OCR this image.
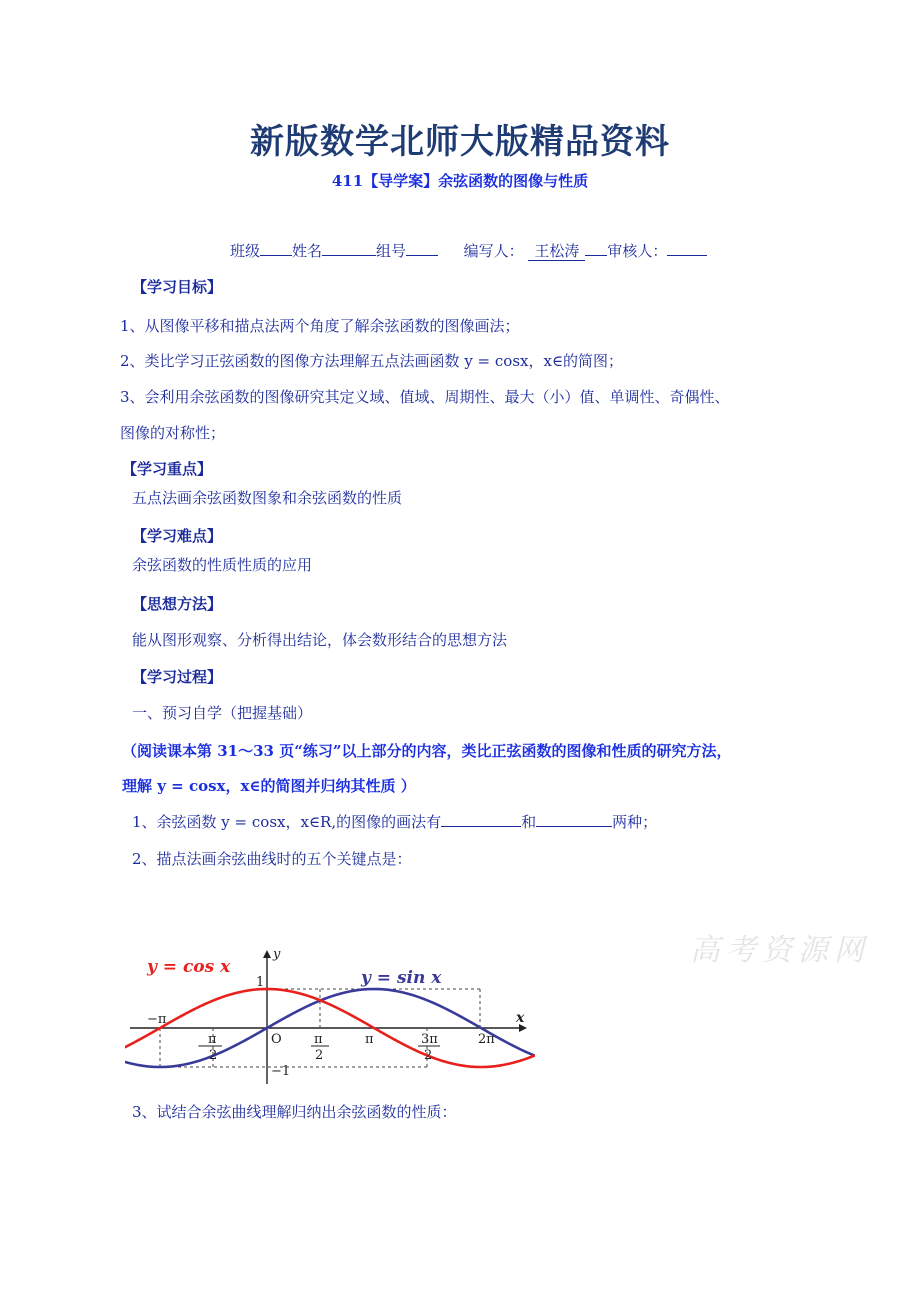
新版数学北师大版精品资料
411【导学案】余弦函数的图像与性质
班级 姓名	组号	编写人： 王松涛 审核人：
【学习目标】
1、从图像平移和描点法两个角度了解余弦函数的图像画法；
2、类比学习正弦函数的图像方法理解五点法画函数 y = cosx，x∈的简图；
3、会利用余弦函数的图像研究其定义域、值域、周期性、最大（小）值、单调性、奇偶性、
图像的对称性；
【学习重点】
五点法画余弦函数图象和余弦函数的性质
【学习难点】
余弦函数的性质性质的应用
【思想方法】
能从图形观察、分析得出结论，体会数形结合的思想方法
【学习过程】
一、预习自学（把握基础）
（阅读课本第 31～33 页“练习”以上部分的内容，类比正弦函数的图像和性质的研究方法，
理解 y = cosx，x∈的简图并归纳其性质 ）
1、余弦函数 y = cosx，x∈R,的图像的画法有	和	两种；
2、描点法画余弦曲线时的五个关键点是：
高考资源网
y = cos x
y = sin x
y
x
−π
π
2
−	O π
2
π	3π
2
2π
1
−1
3、试结合余弦曲线理解归纳出余弦函数的性质：
